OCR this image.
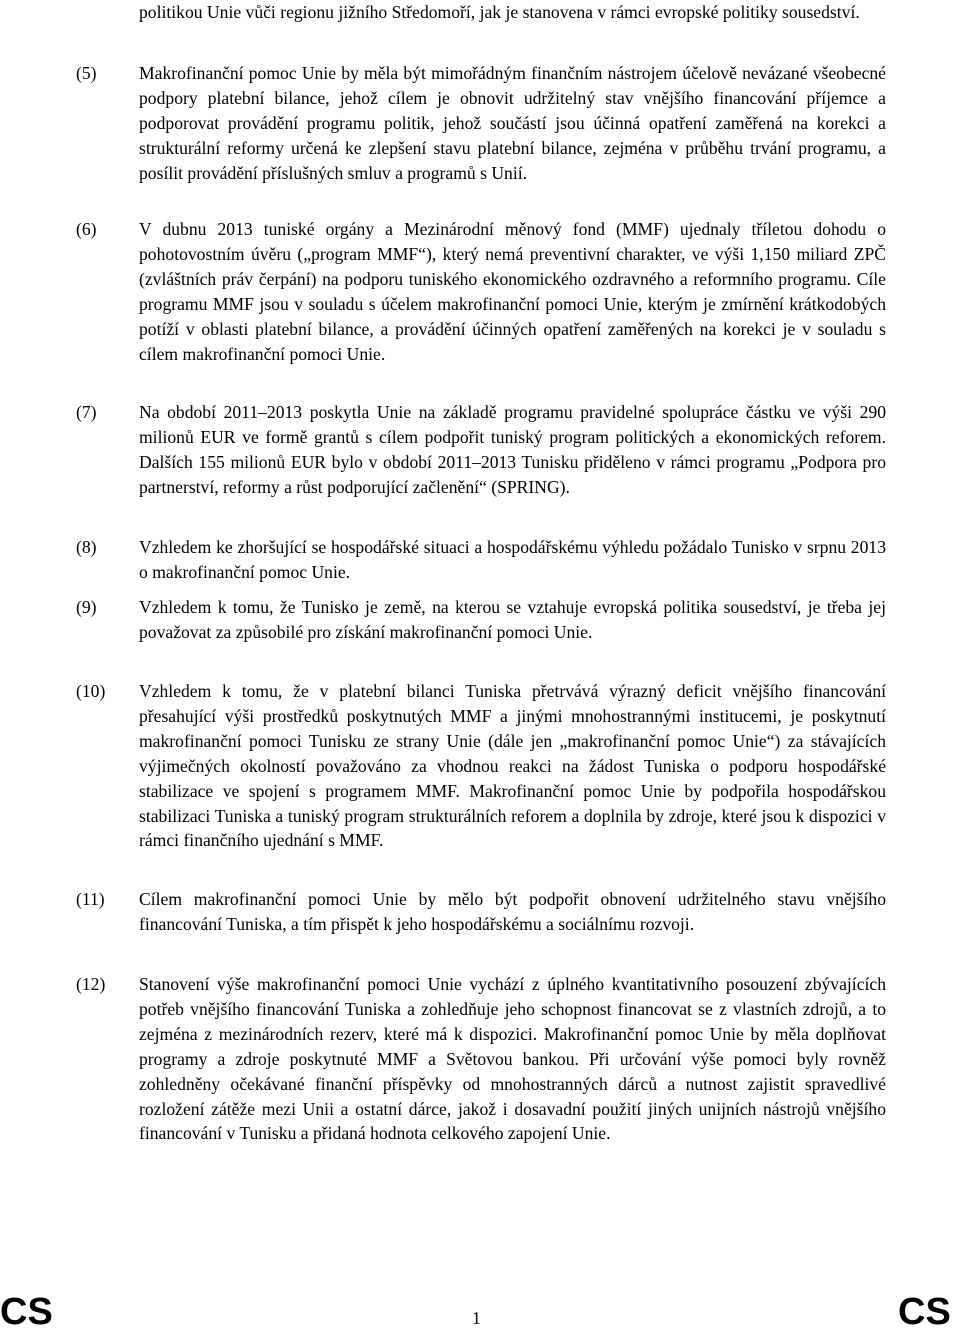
politikou Unie vůči regionu jižního Středomoří, jak je stanovena v rámci evropské politiky sousedství.
(5) Makrofinanční pomoc Unie by měla být mimořádným finančním nástrojem účelově nevázané všeobecné podpory platební bilance, jehož cílem je obnovit udržitelný stav vnějšího financování příjemce a podporovat provádění programu politik, jehož součástí jsou účinná opatření zaměřená na korekci a strukturální reformy určená ke zlepšení stavu platební bilance, zejména v průběhu trvání programu, a posílit provádění příslušných smluv a programů s Unií.
(6) V dubnu 2013 tuniské orgány a Mezinárodní měnový fond (MMF) ujednaly tříletou dohodu o pohotovostním úvěru („program MMF“), který nemá preventivní charakter, ve výši 1,150 miliard ZPČ (zvláštních práv čerpání) na podporu tuniského ekonomického ozdravného a reformního programu. Cíle programu MMF jsou v souladu s účelem makrofinanční pomoci Unie, kterým je zmírnění krátkodobých potíží v oblasti platební bilance, a provádění účinných opatření zaměřených na korekci je v souladu s cílem makrofinanční pomoci Unie.
(7) Na období 2011–2013 poskytla Unie na základě programu pravidelné spolupráce částku ve výši 290 milionů EUR ve formě grantů s cílem podpořit tuniský program politických a ekonomických reforem. Dalších 155 milionů EUR bylo v období 2011–2013 Tunisku přiděleno v rámci programu „Podpora pro partnerství, reformy a růst podporující začlenění“ (SPRING).
(8) Vzhledem ke zhoršující se hospodářské situaci a hospodářskému výhledu požádalo Tunisko v srpnu 2013 o makrofinanční pomoc Unie.
(9) Vzhledem k tomu, že Tunisko je země, na kterou se vztahuje evropská politika sousedství, je třeba jej považovat za způsobilé pro získání makrofinanční pomoci Unie.
(10) Vzhledem k tomu, že v platební bilanci Tuniska přetrvává výrazný deficit vnějšího financování přesahující výši prostředků poskytnutých MMF a jinými mnohostrannými institucemi, je poskytnutí makrofinanční pomoci Tunisku ze strany Unie (dále jen „makrofinanční pomoc Unie“) za stávajících výjimečných okolností považováno za vhodnou reakci na žádost Tuniska o podporu hospodářské stabilizace ve spojení s programem MMF. Makrofinanční pomoc Unie by podpořila hospodářskou stabilizaci Tuniska a tuniský program strukturálních reforem a doplnila by zdroje, které jsou k dispozici v rámci finančního ujednání s MMF.
(11) Cílem makrofinanční pomoci Unie by mělo být podpořit obnovení udržitelného stavu vnějšího financování Tuniska, a tím přispět k jeho hospodářskému a sociálnímu rozvoji.
(12) Stanovení výše makrofinanční pomoci Unie vychází z úplného kvantitativního posouzení zbývajících potřeb vnějšího financování Tuniska a zohledňuje jeho schopnost financovat se z vlastních zdrojů, a to zejména z mezinárodních rezerv, které má k dispozici. Makrofinanční pomoc Unie by měla doplňovat programy a zdroje poskytnuté MMF a Světovou bankou. Při určování výše pomoci byly rovněž zohledněny očekávané finanční příspěvky od mnohostranných dárců a nutnost zajistit spravedlivé rozložení zátěže mezi Unii a ostatní dárce, jakož i dosavadní použití jiných unijních nástrojů vnějšího financování v Tunisku a přidaná hodnota celkového zapojení Unie.
CS	1	CS
